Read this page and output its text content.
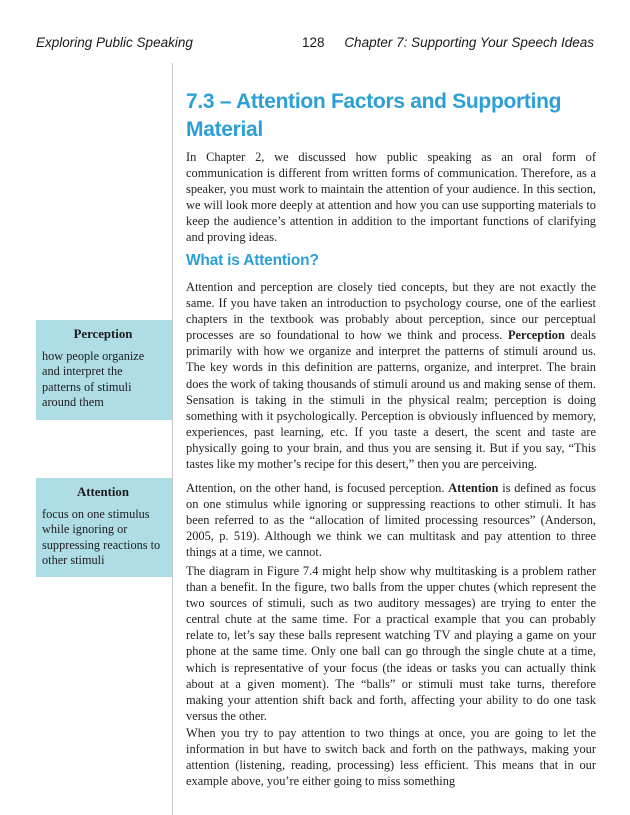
Exploring Public Speaking	128 Chapter 7: Supporting Your Speech Ideas
7.3 – Attention Factors and Supporting Material

In Chapter 2, we discussed how public speaking as an oral form of communication is different from written forms of communication. Therefore, as a speaker, you must work to maintain the attention of your audience. In this section, we will look more deeply at attention and how you can use supporting materials to keep the audience’s attention in addition to the important functions of clarifying and proving ideas.

What is Attention?

Attention and perception are closely tied concepts, but they are not exactly the same. If you have taken an introduction to psychology course, one of the earliest chapters in the textbook was probably about perception, since our perceptual processes are so foundational to how we think and process. Perception deals primarily with how we organize and interpret the patterns of stimuli around us. The key words in this definition are patterns, organize, and interpret. The brain does the work of taking thousands of stimuli around us and making sense of them. Sensation is taking in the stimuli in the physical realm; perception is doing something with it psychologically. Perception is obviously influenced by memory, experiences, past learning, etc. If you taste a desert, the scent and taste are physically going to your brain, and thus you are sensing it. But if you say, “This tastes like my mother’s recipe for this desert,” then you are perceiving.

Attention, on the other hand, is focused perception. Attention is defined as focus on one stimulus while ignoring or suppressing reactions to other stimuli. It has been referred to as the “allocation of limited processing resources” (Anderson, 2005, p. 519). Although we think we can multitask and pay attention to three things at a time, we cannot.

The diagram in Figure 7.4 might help show why multitasking is a problem rather than a benefit. In the figure, two balls from the upper chutes (which represent the two sources of stimuli, such as two auditory messages) are trying to enter the central chute at the same time. For a practical example that you can probably relate to, let’s say these balls represent watching TV and playing a game on your phone at the same time. Only one ball can go through the single chute at a time, which is representative of your focus (the ideas or tasks you can actually think about at a given moment). The “balls” or stimuli must take turns, therefore making your attention shift back and forth, affecting your ability to do one task versus the other.

When you try to pay attention to two things at once, you are going to let the information in but have to switch back and forth on the pathways, making your attention (listening, reading, processing) less efficient. This means that in our example above, you’re either going to miss something

Perception

how people organize and interpret the patterns of stimuli around them

Attention

focus on one stimulus while ignoring or suppressing reactions to other stimuli
